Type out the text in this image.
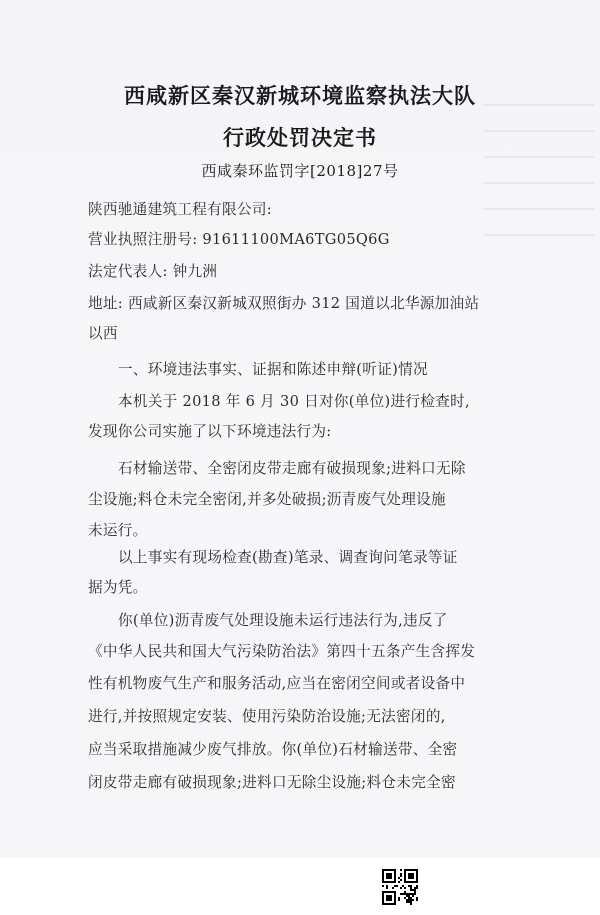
西咸新区秦汉新城环境监察执法大队
行政处罚决定书
西咸秦环监罚字[2018]27号
陕西驰通建筑工程有限公司:
营业执照注册号: 91611100MA6TG05Q6G
法定代表人: 钟九洲
地址: 西咸新区秦汉新城双照街办 312 国道以北华源加油站
以西
一、环境违法事实、证据和陈述申辩(听证)情况
本机关于 2018 年 6 月 30 日对你(单位)进行检查时,
发现你公司实施了以下环境违法行为:
石材输送带、全密闭皮带走廊有破损现象;进料口无除
尘设施;料仓未完全密闭,并多处破损;沥青废气处理设施
未运行。
以上事实有现场检查(勘查)笔录、调查询问笔录等证
据为凭。
你(单位)沥青废气处理设施未运行违法行为,违反了
《中华人民共和国大气污染防治法》第四十五条产生含挥发
性有机物废气生产和服务活动,应当在密闭空间或者设备中
进行,并按照规定安装、使用污染防治设施;无法密闭的,
应当采取措施减少废气排放。你(单位)石材输送带、全密
闭皮带走廊有破损现象;进料口无除尘设施;料仓未完全密
